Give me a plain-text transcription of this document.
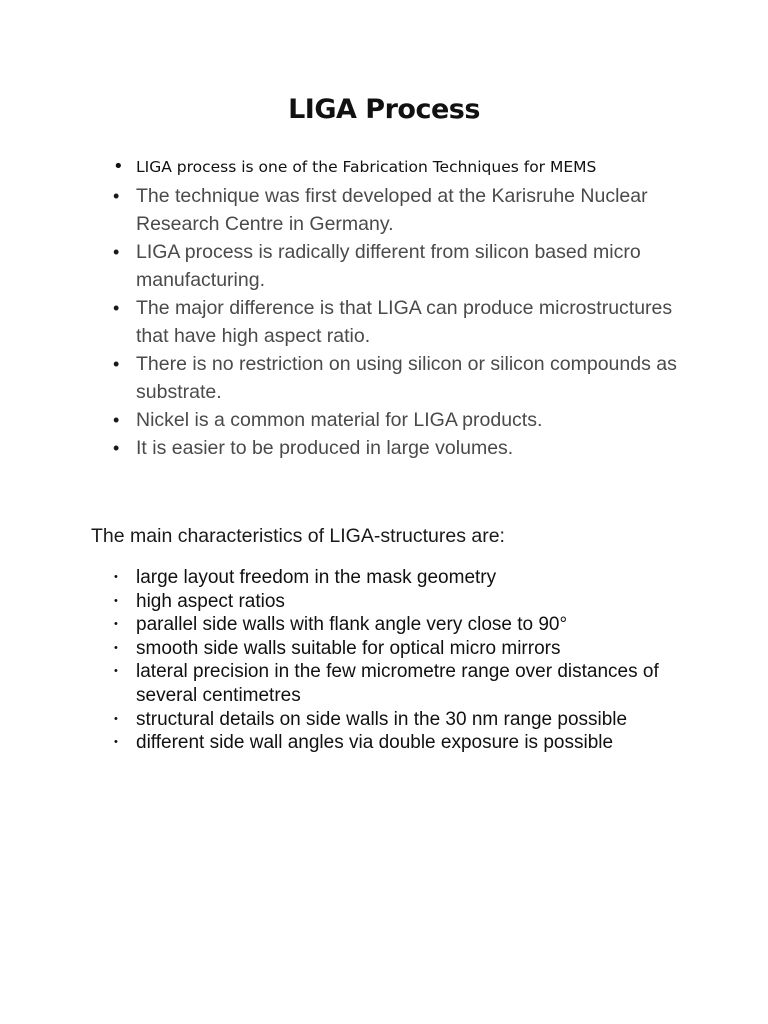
LIGA Process
• LIGA process is one of the Fabrication Techniques for MEMS
• The technique was first developed at the Karisruhe Nuclear Research Centre in Germany.
• LIGA process is radically different from silicon based micro manufacturing.
• The major difference is that LIGA can produce microstructures that have high aspect ratio.
• There is no restriction on using silicon or silicon compounds as substrate.
• Nickel is a common material for LIGA products.
• It is easier to be produced in large volumes.

The main characteristics of LIGA-structures are:

• large layout freedom in the mask geometry
• high aspect ratios
• parallel side walls with flank angle very close to 90°
• smooth side walls suitable for optical micro mirrors
• lateral precision in the few micrometre range over distances of several centimetres
• structural details on side walls in the 30 nm range possible
• different side wall angles via double exposure is possible
